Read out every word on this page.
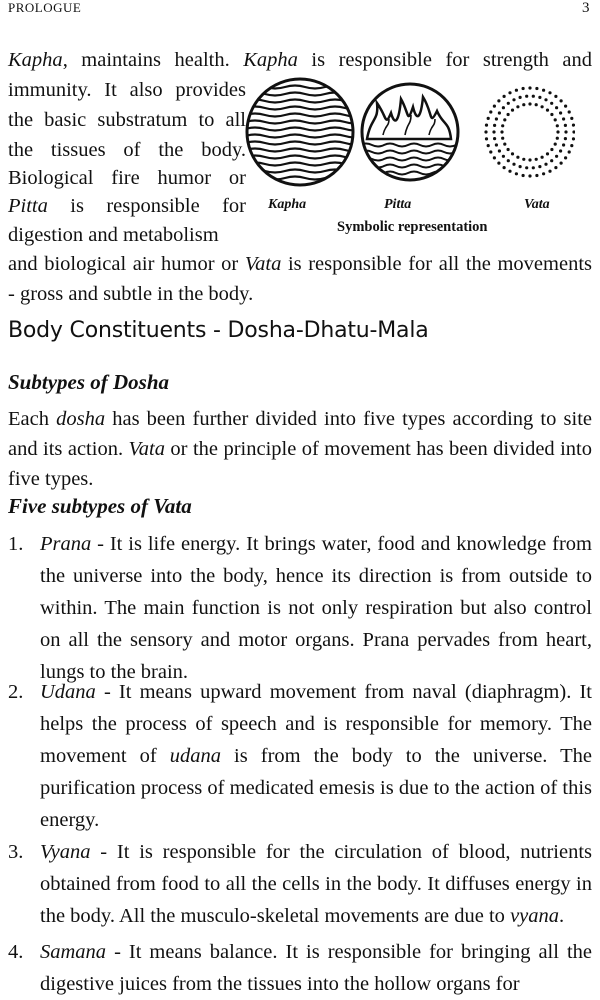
PROLOGUE	3

Kapha, maintains health. Kapha is responsible for strength and

immunity. It also provides

the basic substratum to all

the tissues of the body.

Biological fire humor or

Pitta is responsible for

digestion and metabolism

and biological air humor or Vata is responsible for all the movements

- gross and subtle in the body.

Kapha	Pitta	Vata
Symbolic representation
Body Constituents - Dosha-Dhatu-Mala
Subtypes of Dosha

Each dosha has been further divided into five types according to site and its action. Vata or the principle of movement has been divided into five types.

Five subtypes of Vata
1. Prana - It is life energy. It brings water, food and knowledge from the universe into the body, hence its direction is from outside to within. The main function is not only respiration but also control on all the sensory and motor organs. Prana pervades from heart, lungs to the brain.

2. Udana - It means upward movement from naval (diaphragm). It helps the process of speech and is responsible for memory. The movement of udana is from the body to the universe. The purification process of medicated emesis is due to the action of this energy.

3. Vyana - It is responsible for the circulation of blood, nutrients obtained from food to all the cells in the body. It diffuses energy in the body. All the musculo-skeletal movements are due to vyana.

4. Samana - It means balance. It is responsible for bringing all the digestive juices from the tissues into the hollow organs for
